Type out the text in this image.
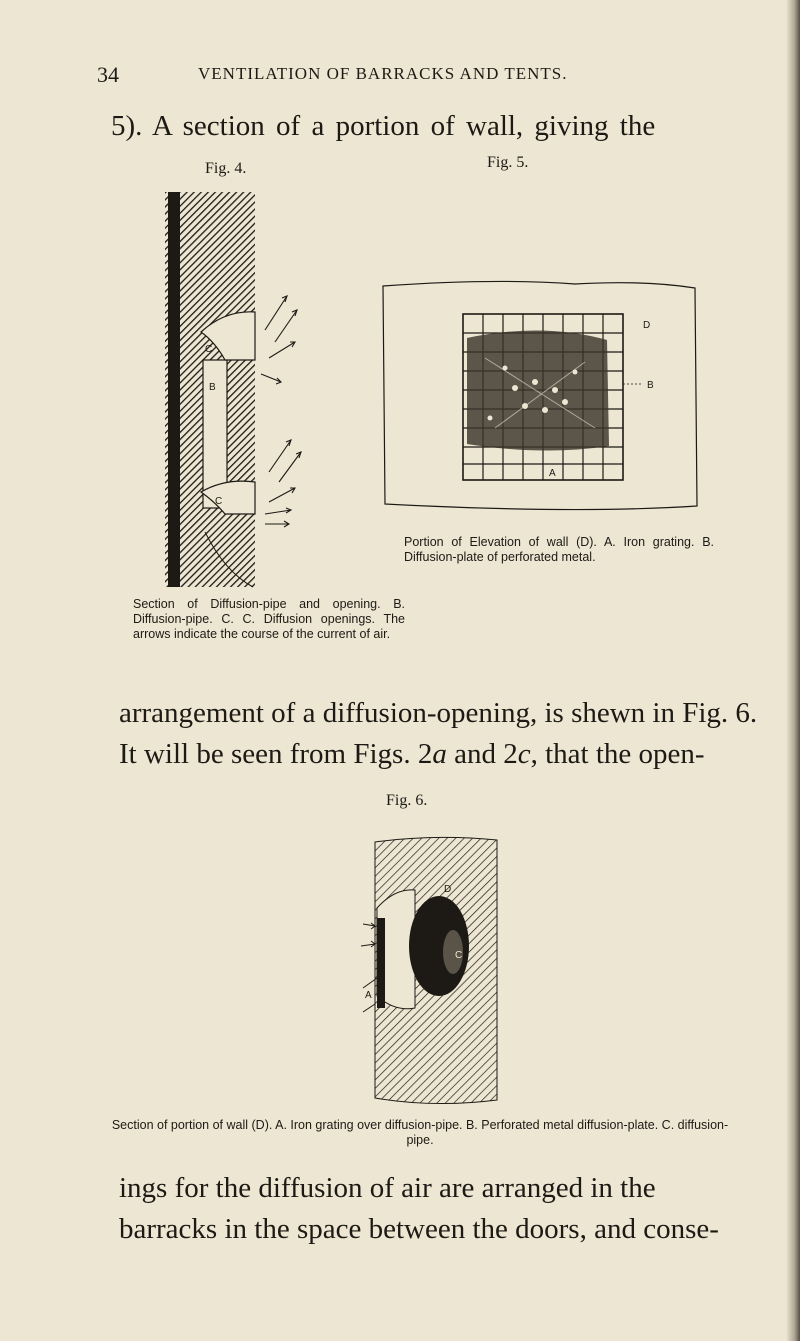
34	VENTILATION OF BARRACKS AND TENTS.
5). A section of a portion of wall, giving the
Fig. 4.	Fig. 5.
C
B
C
D
B
A
Section of Diffusion-pipe and opening. B. Diffusion-pipe. C. C. Diffusion openings. The arrows indicate the course of the current of air.
Portion of Elevation of wall (D). A. Iron grating. B. Diffusion-plate of perforated metal.
arrangement of a diffusion-opening, is shewn in Fig. 6.
It will be seen from Figs. 2a and 2c, that the open-
Fig. 6.
D
C
A
Section of portion of wall (D). A. Iron grating over diffusion-pipe. B. Perforated metal diffusion-plate. C. diffusion-pipe.
ings for the diffusion of air are arranged in the
barracks in the space between the doors, and conse-
